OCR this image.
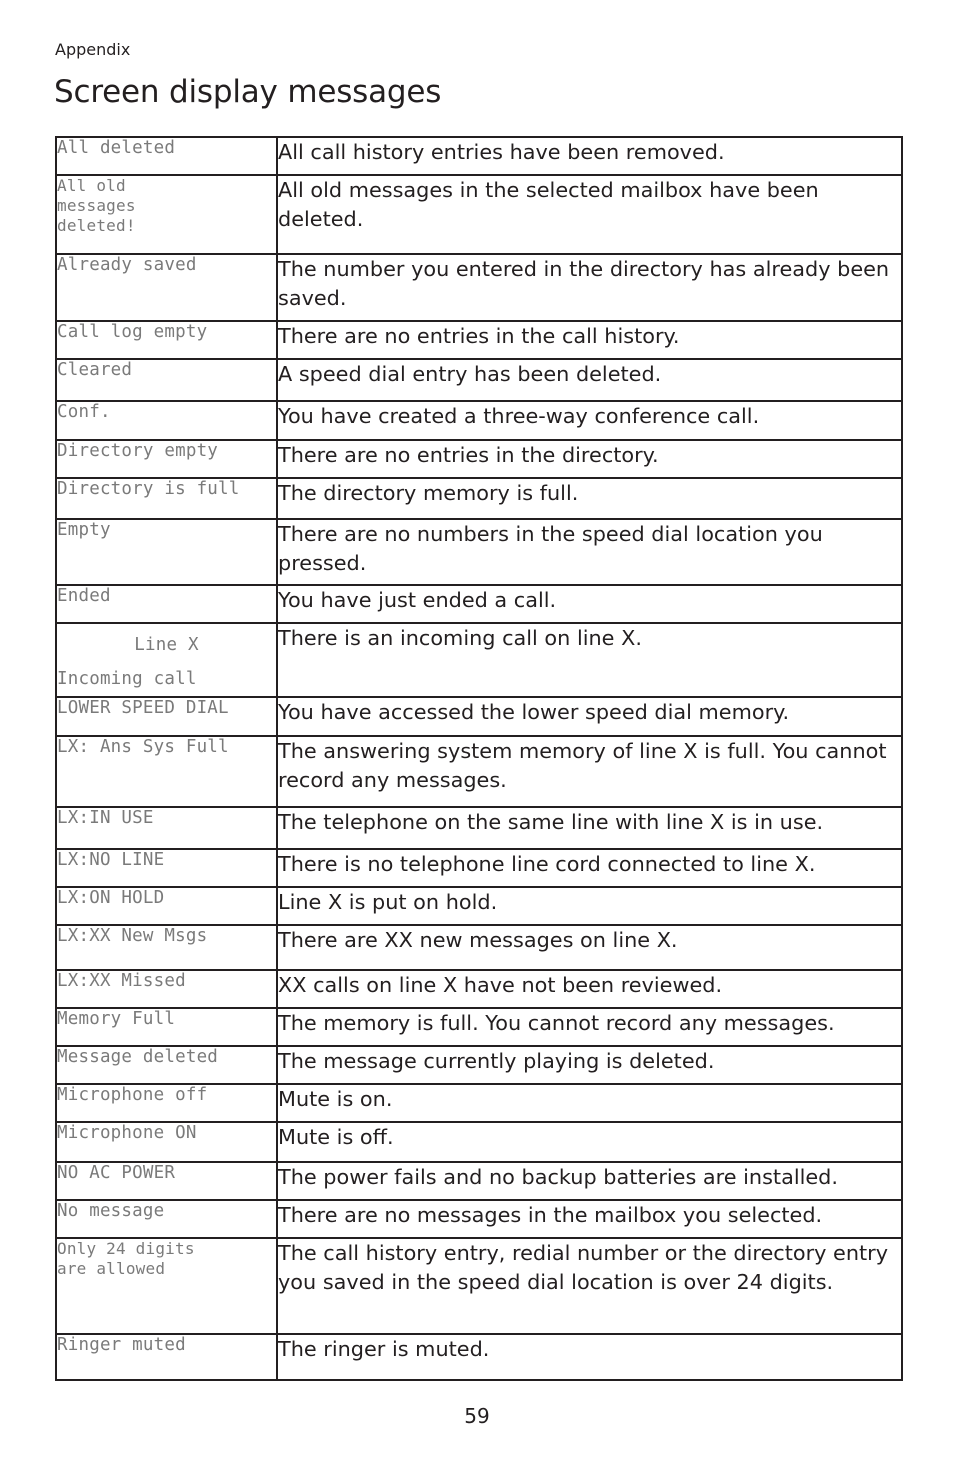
Appendix
Screen display messages
All deleted	All call history entries have been removed.
All old
messages
deleted!	All old messages in the selected mailbox have been deleted.
Already saved	The number you entered in the directory has already been saved.
Call log empty	There are no entries in the call history.
Cleared	A speed dial entry has been deleted.
Conf.	You have created a three-way conference call.
Directory empty	There are no entries in the directory.
Directory is full	The directory memory is full.
Empty	There are no numbers in the speed dial location you pressed.
Ended	You have just ended a call.

Line X
Incoming call	There is an incoming call on line X.
LOWER SPEED DIAL	You have accessed the lower speed dial memory.
LX: Ans Sys Full	The answering system memory of line X is full. You cannot record any messages.
LX:IN USE	The telephone on the same line with line X is in use.
LX:NO LINE	There is no telephone line cord connected to line X.
LX:ON HOLD	Line X is put on hold.
LX:XX New Msgs	There are XX new messages on line X.
LX:XX Missed	XX calls on line X have not been reviewed.
Memory Full	The memory is full. You cannot record any messages.
Message deleted	The message currently playing is deleted.
Microphone off	Mute is on.
Microphone ON	Mute is off.
NO AC POWER	The power fails and no backup batteries are installed.
No message	There are no messages in the mailbox you selected.
Only 24 digits
are allowed	The call history entry, redial number or the directory entry you saved in the speed dial location is over 24 digits.
Ringer muted	The ringer is muted.
59
